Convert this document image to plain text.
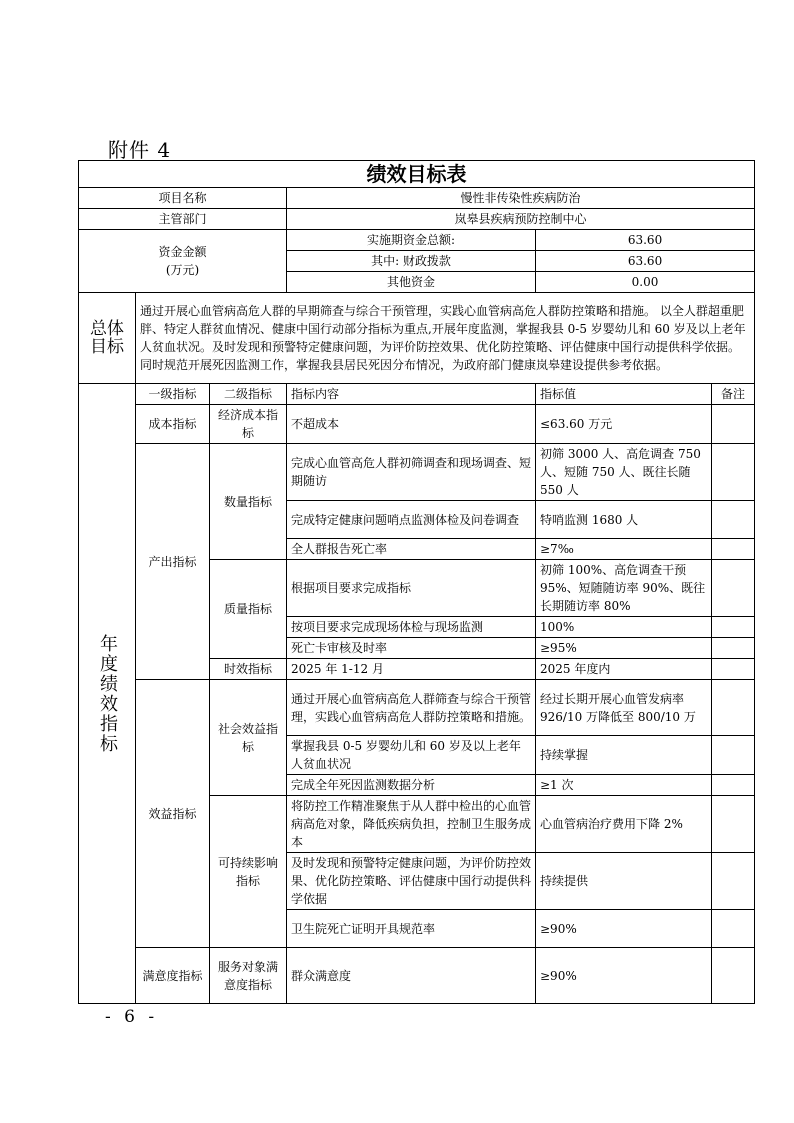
附件 4
绩效目标表					
项目名称			慢性非传染性疾病防治		
主管部门			岚皋县疾病预防控制中心		

资金金额
(万元)			实施期资金总额:	63.60	
			其中: 财政拨款	63.60	
			其他资金	0.00	

总体
目标	通过开展心血管病高危人群的早期筛查与综合干预管理，实践心血管病高危人群防控策略和措施。 以全人群超重肥胖、特定人群贫血情况、健康中国行动部分指标为重点,开展年度监测，掌握我县 0-5 岁婴幼儿和 60 岁及以上老年人贫血状况。及时发现和预警特定健康问题，为评价防控效果、优化防控策略、评估健康中国行动提供科学依据。同时规范开展死因监测工作，掌握我县居民死因分布情况，为政府部门健康岚皋建设提供参考依据。				

年度绩效指标	一级指标	二级指标	指标内容	指标值	备注
	成本指标	经济成本指标	不超成本	≤63.60 万元	
	产出指标	数量指标	完成心血管高危人群初筛调查和现场调查、短期随访	初筛 3000 人、高危调查 750 人、短随 750 人、既往长随 550 人	
			完成特定健康问题哨点监测体检及问卷调查	特哨监测 1680 人	
			全人群报告死亡率	≥7‰	
		质量指标	根据项目要求完成指标	初筛 100%、高危调查干预 95%、短随随访率 90%、既往长期随访率 80%	
			按项目要求完成现场体检与现场监测	100%	
			死亡卡审核及时率	≥95%	
		时效指标	2025 年 1-12 月	2025 年度内	
	效益指标	社会效益指标	通过开展心血管病高危人群筛查与综合干预管理，实践心血管病高危人群防控策略和措施。	经过长期开展心血管发病率 926/10 万降低至 800/10 万	
			掌握我县 0-5 岁婴幼儿和 60 岁及以上老年人贫血状况	持续掌握	
			完成全年死因监测数据分析	≥1 次	
		可持续影响指标	将防控工作精准聚焦于从人群中检出的心血管病高危对象，降低疾病负担，控制卫生服务成本	心血管病治疗费用下降 2%	
			及时发现和预警特定健康问题，为评价防控效果、优化防控策略、评估健康中国行动提供科学依据	持续提供	
			卫生院死亡证明开具规范率	≥90%	
	满意度指标	服务对象满意度指标	群众满意度	≥90%	
- 6 -
